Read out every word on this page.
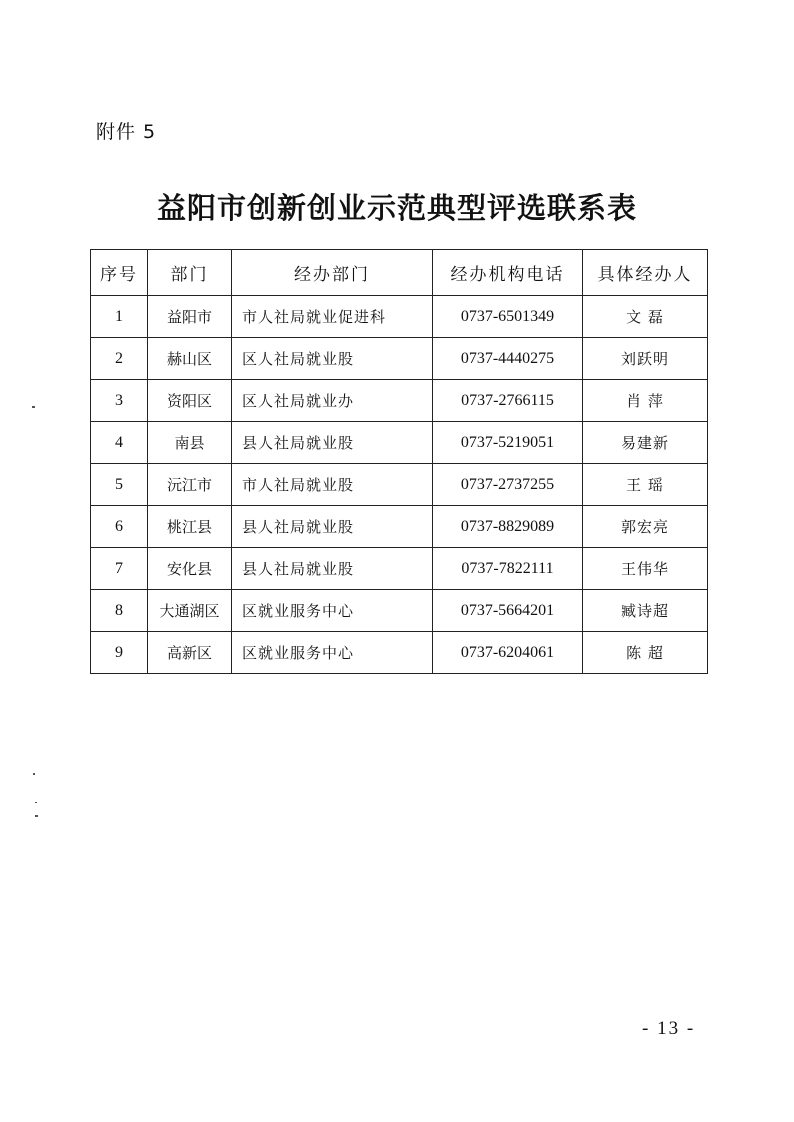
附件 5
益阳市创新创业示范典型评选联系表
序号	部门	经办部门	经办机构电话	具体经办人
1	益阳市	市人社局就业促进科	0737-6501349	文 磊
2	赫山区	区人社局就业股	0737-4440275	刘跃明
3	资阳区	区人社局就业办	0737-2766115	肖 萍
4	南县	县人社局就业股	0737-5219051	易建新
5	沅江市	市人社局就业股	0737-2737255	王 瑶
6	桃江县	县人社局就业股	0737-8829089	郭宏亮
7	安化县	县人社局就业股	0737-7822111	王伟华
8	大通湖区	区就业服务中心	0737-5664201	臧诗超
9	高新区	区就业服务中心	0737-6204061	陈 超
- 13 -
